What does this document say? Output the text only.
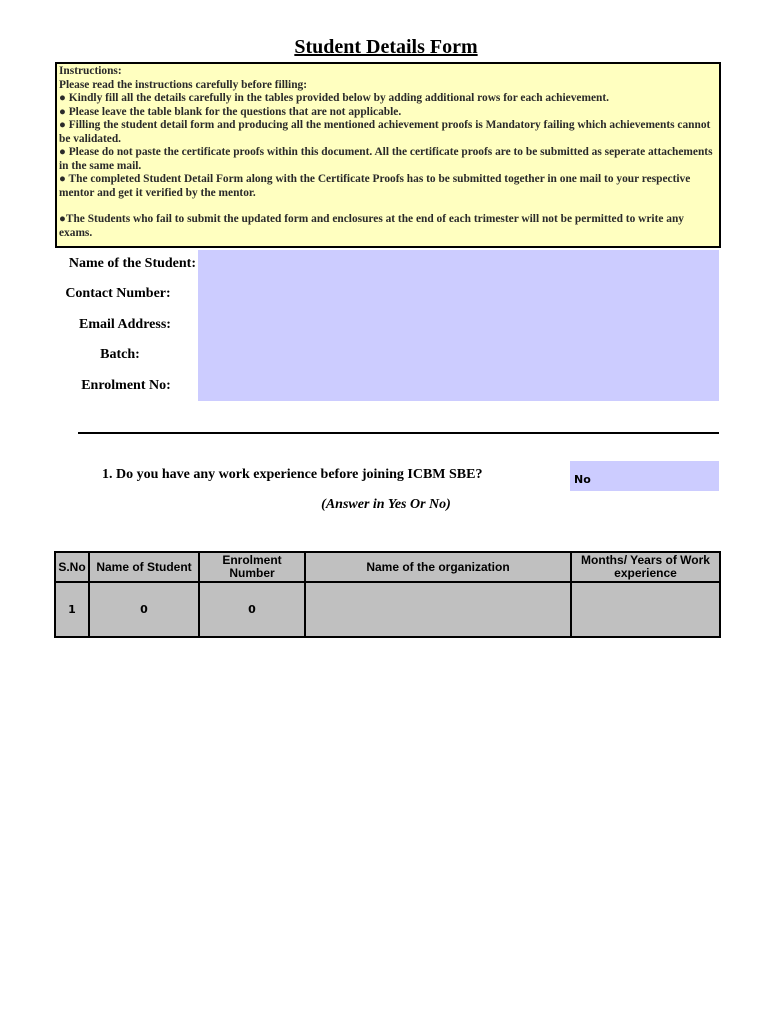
Student Details Form
Instructions:
Please read the instructions carefully before filling:
● Kindly fill all the details carefully in the tables provided below by adding additional rows for each achievement.
● Please leave the table blank for the questions that are not applicable.
● Filling the student detail form and producing all the mentioned achievement proofs is Mandatory failing which achievements cannot be validated.
● Please do not paste the certificate proofs within this document. All the certificate proofs are to be submitted as seperate attachements in the same mail.
● The completed Student Detail Form along with the Certificate Proofs has to be submitted together in one mail to your respective mentor and get it verified by the mentor.
●The Students who fail to submit the updated form and enclosures at the end of each trimester will not be permitted to write any exams.
Name of the Student:
Contact Number:
Email Address:
Batch:
Enrolment No:
1. Do you have any work experience before joining ICBM SBE?	No
(Answer in Yes Or No)
S.No	Name of Student	Enrolment Number	Name of the organization	Months/ Years of Work experience
1	0	0		
